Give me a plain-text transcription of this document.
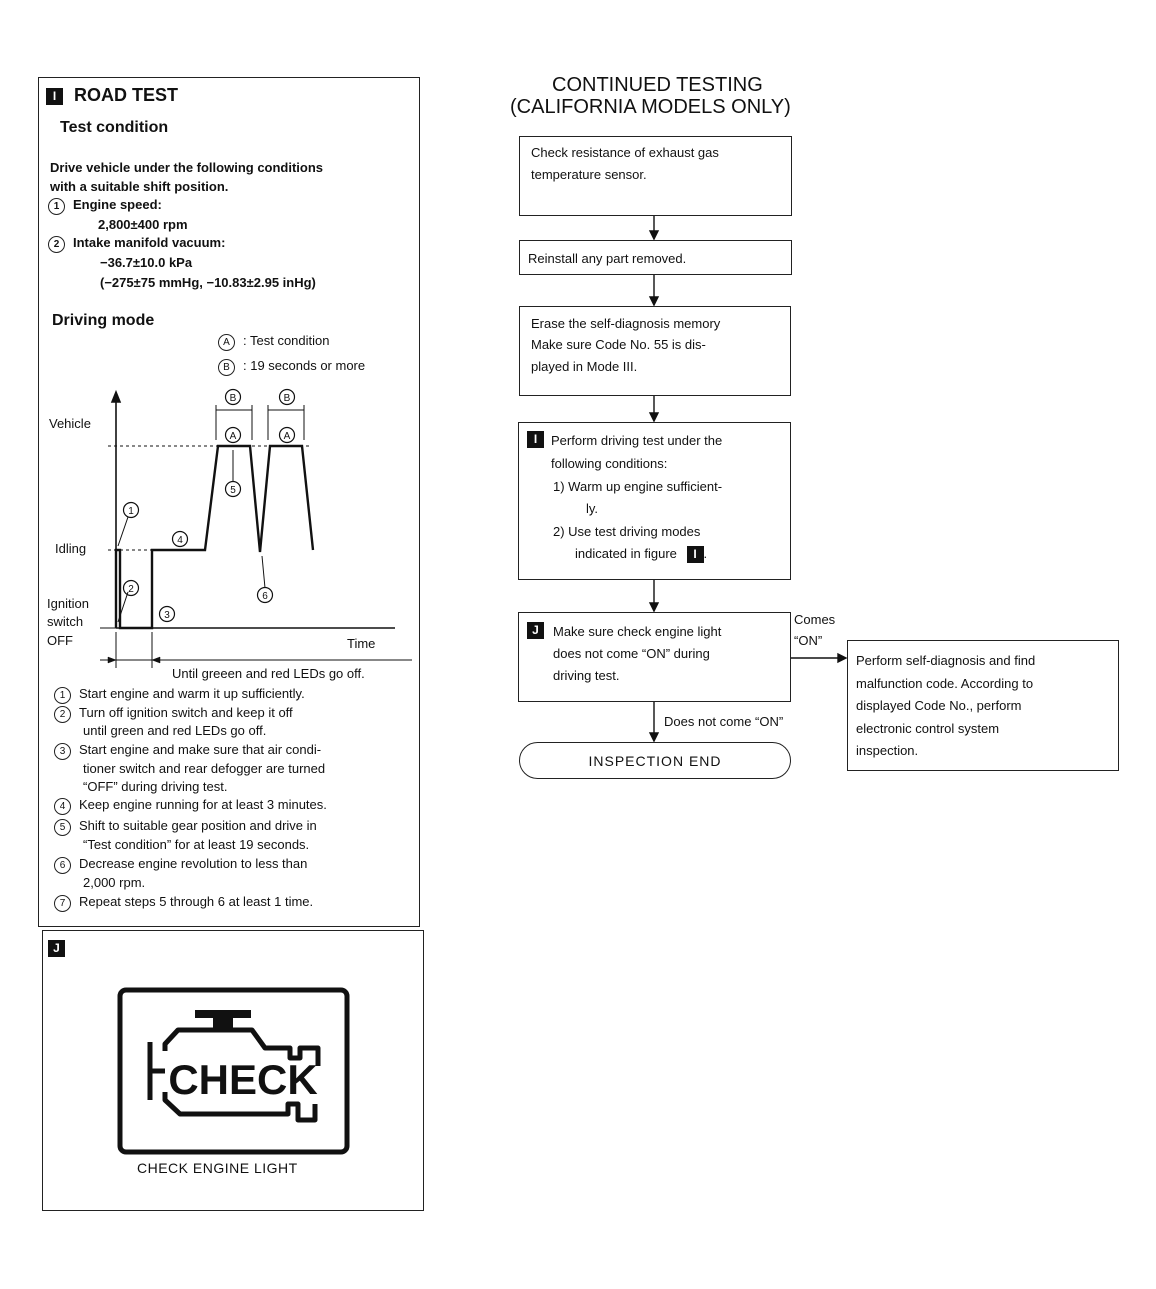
I ROAD TEST
Test condition
Drive vehicle under the following conditions
with a suitable shift position.
1 Engine speed:
2,800±400 rpm
2 Intake manifold vacuum:
−36.7±10.0 kPa
(−275±75 mmHg, −10.83±2.95 inHg)
Driving mode
A : Test condition
B : 19 seconds or more
Vehicle
Idling
Ignition
switch
OFF	Time
Until greeen and red LEDs go off.
1
2
3
4
5
6
B	B
A	A
1 Start engine and warm it up sufficiently.
2 Turn off ignition switch and keep it off
until green and red LEDs go off.
3 Start engine and make sure that air condi-
tioner switch and rear defogger are turned
“OFF” during driving test.
4 Keep engine running for at least 3 minutes.
5 Shift to suitable gear position and drive in
“Test condition” for at least 19 seconds.
6 Decrease engine revolution to less than
2,000 rpm.
7 Repeat steps 5 through 6 at least 1 time.
J
CHECK
CHECK ENGINE LIGHT
CONTINUED TESTING
(CALIFORNIA MODELS ONLY)
Check resistance of exhaust gas
temperature sensor.
Reinstall any part removed.
Erase the self-diagnosis memory
Make sure Code No. 55 is dis-
played in Mode III.
I	Perform driving test under the
following conditions:
1) Warm up engine sufficient-
ly.
2) Use test driving modes
indicated in figure I .
J	Make sure check engine light
does not come “ON” during
driving test.
Comes
“ON”
Perform self-diagnosis and find
malfunction code. According to
displayed Code No., perform
electronic control system
inspection.
Does not come “ON”
INSPECTION END
